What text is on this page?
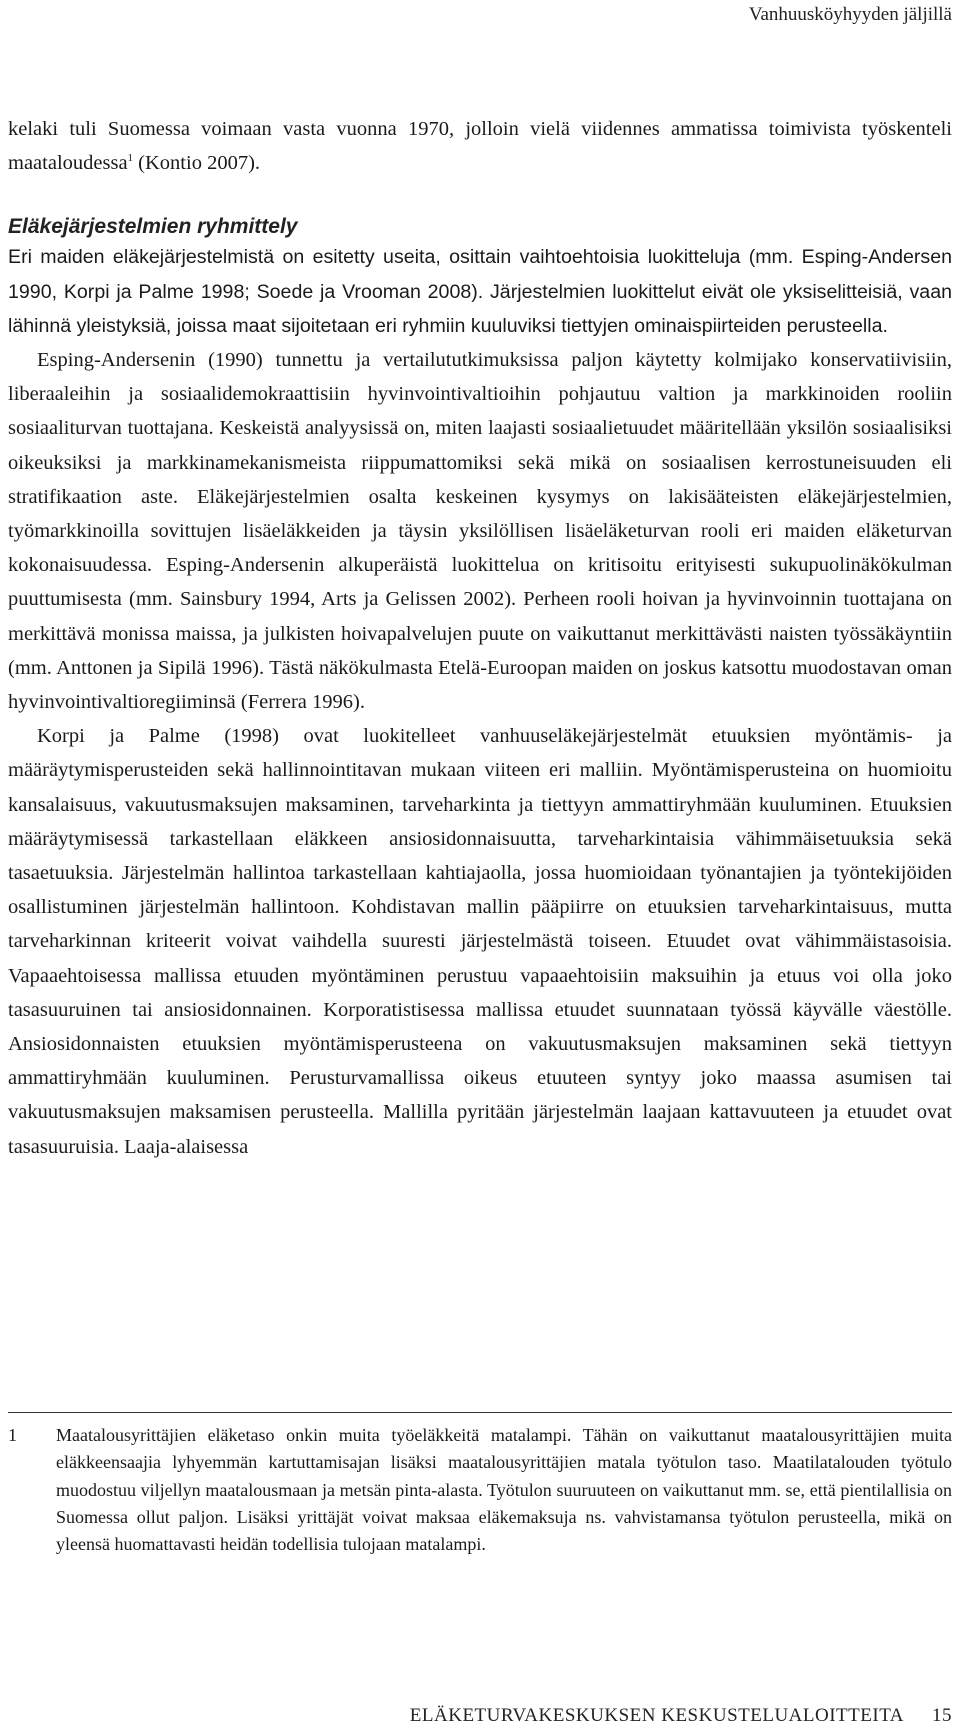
Vanhuusköyhyyden jäljillä

kelaki tuli Suomessa voimaan vasta vuonna 1970, jolloin vielä viidennes ammatissa toimivista työskenteli maataloudessa$^1$ (Kontio 2007).

Eläkejärjestelmien ryhmittely

Eri maiden eläkejärjestelmistä on esitetty useita, osittain vaihtoehtoisia luokitteluja (mm. Esping-Andersen 1990, Korpi ja Palme 1998; Soede ja Vrooman 2008). Järjestelmien luokittelut eivät ole yksiselitteisiä, vaan lähinnä yleistyksiä, joissa maat sijoitetaan eri ryhmiin kuuluviksi tiettyjen ominaispiirteiden perusteella.

Esping-Andersenin (1990) tunnettu ja vertailututkimuksissa paljon käytetty kolmijako konservatiivisiin, liberaaleihin ja sosiaalidemokraattisiin hyvinvointivaltioihin pohjautuu valtion ja markkinoiden rooliin sosiaaliturvan tuottajana. Keskeistä analyysissä on, miten laajasti sosiaalietuudet määritellään yksilön sosiaalisiksi oikeuksiksi ja markkinamekanismeista riippumattomiksi sekä mikä on sosiaalisen kerrostuneisuuden eli stratifikaation aste. Eläkejärjestelmien osalta keskeinen kysymys on lakisääteisten eläkejärjestelmien, työmarkkinoilla sovittujen lisäeläkkeiden ja täysin yksilöllisen lisäeläketurvan rooli eri maiden eläketurvan kokonaisuudessa. Esping-Andersenin alkuperäistä luokittelua on kritisoitu erityisesti sukupuolinäkökulman puuttumisesta (mm. Sainsbury 1994, Arts ja Gelissen 2002). Perheen rooli hoivan ja hyvinvoinnin tuottajana on merkittävä monissa maissa, ja julkisten hoivapalvelujen puute on vaikuttanut merkittävästi naisten työssäkäyntiin (mm. Anttonen ja Sipilä 1996). Tästä näkökulmasta Etelä-Euroopan maiden on joskus katsottu muodostavan oman hyvinvointivaltioregiiminsä (Ferrera 1996).

Korpi ja Palme (1998) ovat luokitelleet vanhuuseläkejärjestelmät etuuksien myöntämis- ja määräytymisperusteiden sekä hallinnointitavan mukaan viiteen eri malliin. Myöntämisperusteina on huomioitu kansalaisuus, vakuutusmaksujen maksaminen, tarveharkinta ja tiettyyn ammattiryhmään kuuluminen. Etuuksien määräytymisessä tarkastellaan eläkkeen ansiosidonnaisuutta, tarveharkintaisia vähimmäisetuuksia sekä tasaetuuksia. Järjestelmän hallintoa tarkastellaan kahtiajaolla, jossa huomioidaan työnantajien ja työntekijöiden osallistuminen järjestelmän hallintoon. Kohdistavan mallin pääpiirre on etuuksien tarveharkintaisuus, mutta tarveharkinnan kriteerit voivat vaihdella suuresti järjestelmästä toiseen. Etuudet ovat vähimmäistasoisia. Vapaaehtoisessa mallissa etuuden myöntäminen perustuu vapaaehtoisiin maksuihin ja etuus voi olla joko tasasuuruinen tai ansiosidonnainen. Korporatistisessa mallissa etuudet suunnataan työssä käyvälle väestölle. Ansiosidonnaisten etuuksien myöntämisperusteena on vakuutusmaksujen maksaminen sekä tiettyyn ammattiryhmään kuuluminen. Perusturvamallissa oikeus etuuteen syntyy joko maassa asumisen tai vakuutusmaksujen maksamisen perusteella. Mallilla pyritään järjestelmän laajaan kattavuuteen ja etuudet ovat tasasuuruisia. Laaja-alaisessa

1	Maatalousyrittäjien eläketaso onkin muita työeläkkeitä matalampi. Tähän on vaikuttanut maatalousyrittäjien muita eläkkeensaajia lyhyemmän kartuttamisajan lisäksi maatalousyrittäjien matala työtulon taso. Maatilatalouden työtulo muodostuu viljellyn maatalousmaan ja metsän pinta-alasta. Työtulon suuruuteen on vaikuttanut mm. se, että pientilallisia on Suomessa ollut paljon. Lisäksi yrittäjät voivat maksaa eläkemaksuja ns. vahvistamansa työtulon perusteella, mikä on yleensä huomattavasti heidän todellisia tulojaan matalampi.
ELÄKETURVAKESKUKSEN KESKUSTELUALOITTEITA 15
